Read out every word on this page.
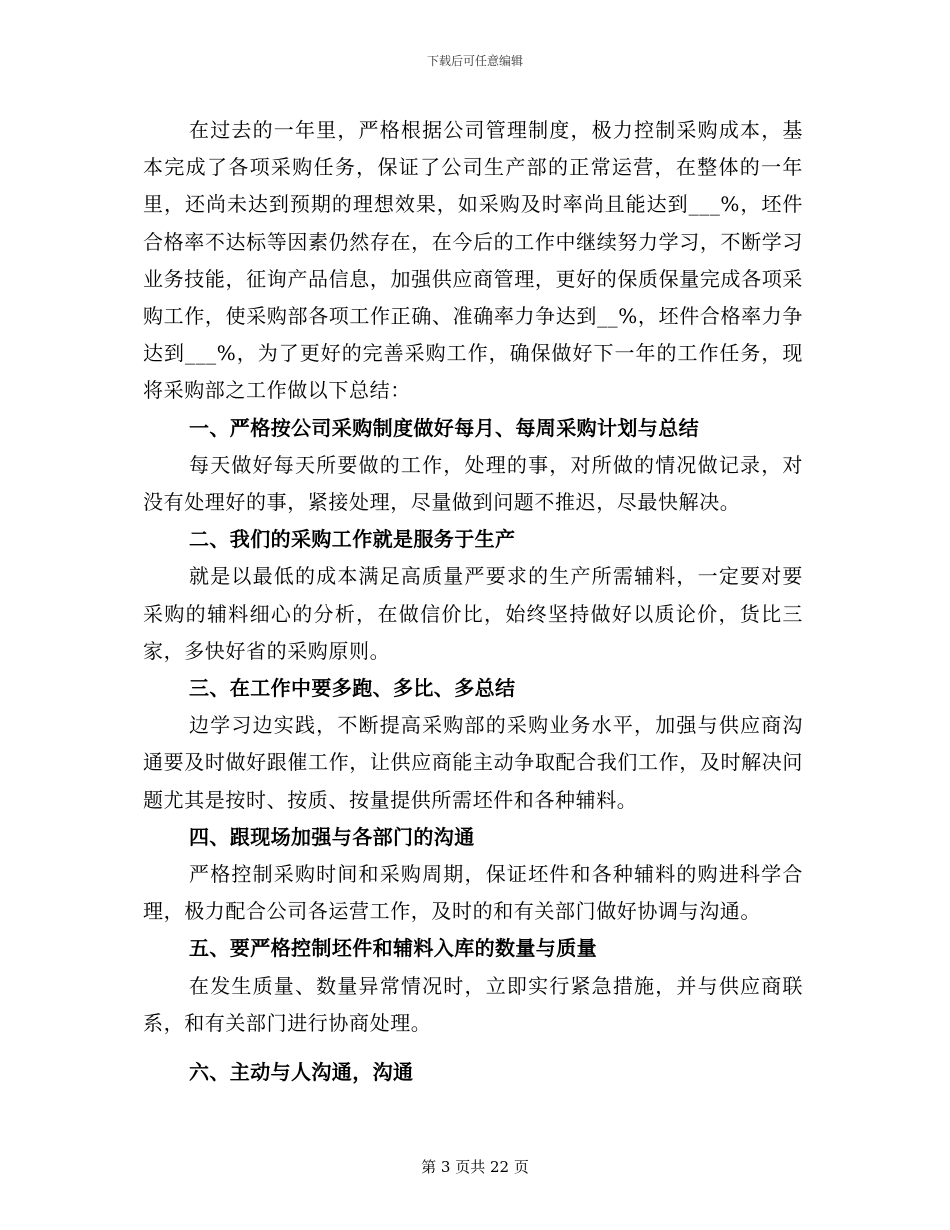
下载后可任意编辑

在过去的一年里，严格根据公司管理制度，极力控制采购成本，基本完成了各项采购任务，保证了公司生产部的正常运营，在整体的一年里，还尚未达到预期的理想效果，如采购及时率尚且能达到___%，坯件合格率不达标等因素仍然存在，在今后的工作中继续努力学习，不断学习业务技能，征询产品信息，加强供应商管理，更好的保质保量完成各项采购工作，使采购部各项工作正确、准确率力争达到__%，坯件合格率力争达到___%，为了更好的完善采购工作，确保做好下一年的工作任务，现将采购部之工作做以下总结：

一、严格按公司采购制度做好每月、每周采购计划与总结

每天做好每天所要做的工作，处理的事，对所做的情况做记录，对没有处理好的事，紧接处理，尽量做到问题不推迟，尽最快解决。

二、我们的采购工作就是服务于生产

就是以最低的成本满足高质量严要求的生产所需辅料，一定要对要采购的辅料细心的分析，在做信价比，始终坚持做好以质论价，货比三家，多快好省的采购原则。

三、在工作中要多跑、多比、多总结

边学习边实践，不断提高采购部的采购业务水平，加强与供应商沟通要及时做好跟催工作，让供应商能主动争取配合我们工作，及时解决问题尤其是按时、按质、按量提供所需坯件和各种辅料。

四、跟现场加强与各部门的沟通

严格控制采购时间和采购周期，保证坯件和各种辅料的购进科学合理，极力配合公司各运营工作，及时的和有关部门做好协调与沟通。

五、要严格控制坯件和辅料入库的数量与质量

在发生质量、数量异常情况时，立即实行紧急措施，并与供应商联系，和有关部门进行协商处理。

六、主动与人沟通，沟通
第 3 页共 22 页
